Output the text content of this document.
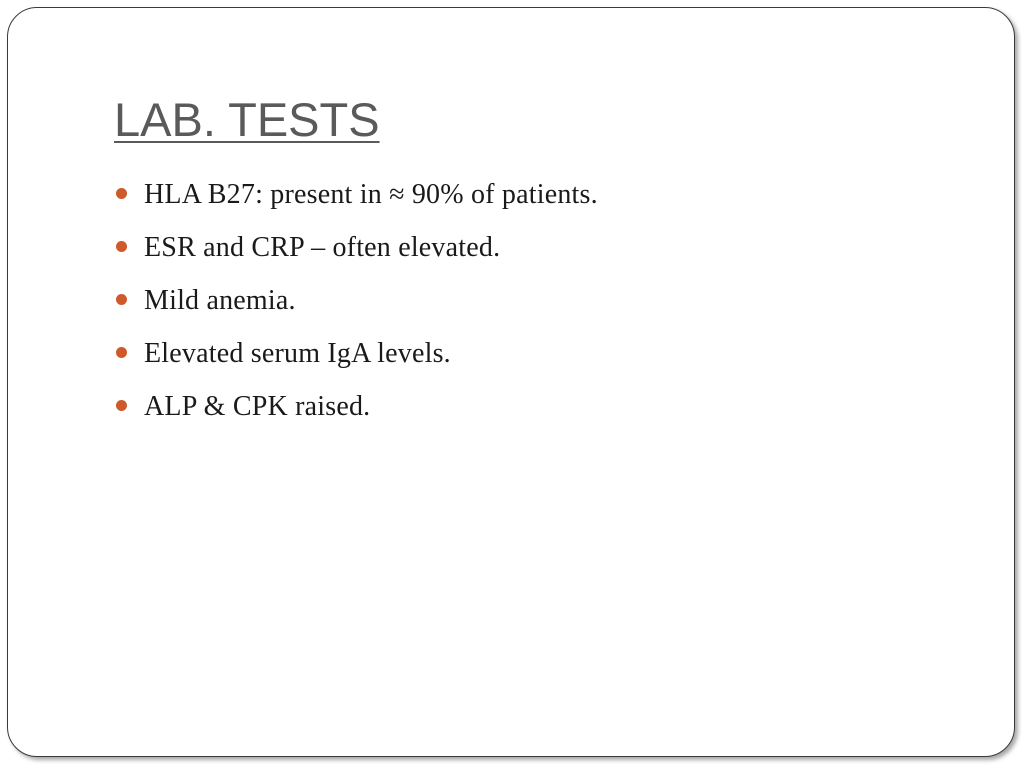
LAB. TESTS
HLA B27: present in ≈ 90% of patients.
ESR and CRP – often elevated.
Mild anemia.
Elevated serum IgA levels.
ALP & CPK raised.
